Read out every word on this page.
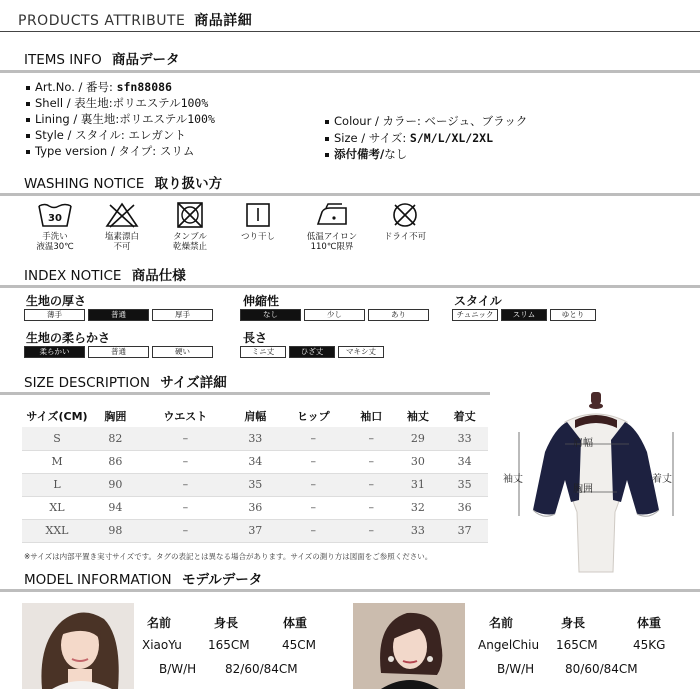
PRODUCTS ATTRIBUTE 商品詳細
ITEMS INFO 商品データ
Art.No. / 番号: sfn88086
Shell / 表生地:ポリエステル100%
Lining / 裏生地:ポリエステル100%
Style / スタイル: エレガント
Type version / タイプ: スリム
Colour / カラー: ベージュ、ブラック
Size / サイズ: S/M/L/XL/2XL
添付備考/なし
WASHING NOTICE 取り扱い方
30
手洗い
液温30℃
塩素漂白
不可
タンブル
乾燥禁止
つり干し	低温アイロン
110℃限界
ドライ不可
INDEX NOTICE 商品仕様
生地の厚さ
薄手	普通	厚手
伸縮性
なし	少し	あり
スタイル
チュニック	スリム	ゆとり
生地の柔らかさ
柔らかい	普通	硬い
長さ
ミニ丈	ひざ丈	マキシ丈
SIZE DESCRIPTION サイズ詳細
サイズ(CM)	胸囲	ウエスト	肩幅	ヒップ	袖口	袖丈	着丈
S	82	–	33	–	–	29	33
M	86	–	34	–	–	30	34
L	90	–	35	–	–	31	35
XL	94	–	36	–	–	32	36
XXL	98	–	37	–	–	33	37
※サイズは内部平置き実寸サイズです。タグの表記とは異なる場合があります。サイズの測り方は図面をご参照ください。
肩幅
胸囲
袖丈	着丈
MODEL INFORMATION モデルデータ
名前	身長	体重
XiaoYu 165CM	45CM
B/W/H 82/60/84CM
名前	身長	体重
AngelChiu 165CM	45KG
B/W/H	80/60/84CM
